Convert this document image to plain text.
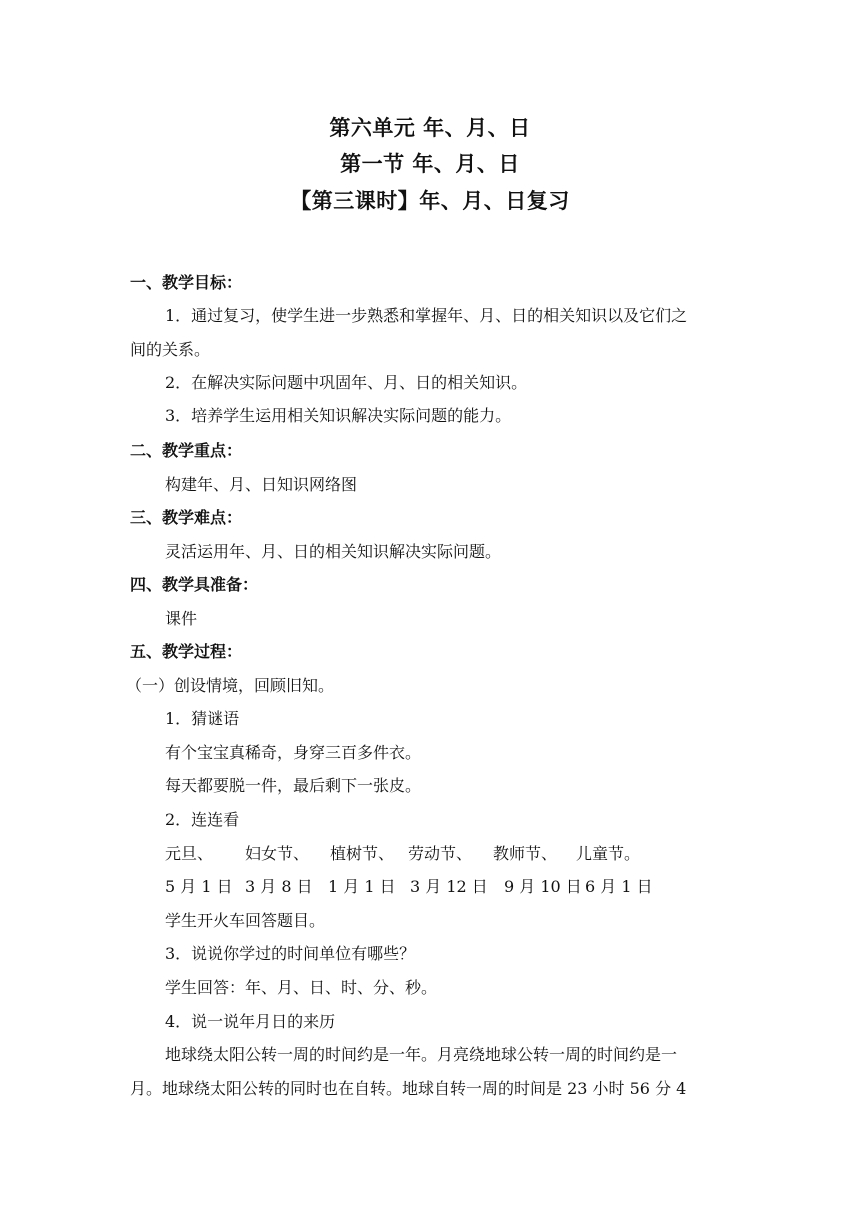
第六单元 年、月、日
第一节 年、月、日
【第三课时】年、月、日复习
一、教学目标：
1．通过复习，使学生进一步熟悉和掌握年、月、日的相关知识以及它们之
间的关系。
2．在解决实际问题中巩固年、月、日的相关知识。
3．培养学生运用相关知识解决实际问题的能力。
二、教学重点：
构建年、月、日知识网络图
三、教学难点：
灵活运用年、月、日的相关知识解决实际问题。
四、教学具准备：
课件
五、教学过程：
（一）创设情境，回顾旧知。
1．猜谜语
有个宝宝真稀奇，身穿三百多件衣。
每天都要脱一件，最后剩下一张皮。
2．连连看
元旦、 妇女节、 植树节、 劳动节、 教师节、 儿童节。
5 月 1 日 3 月 8 日 1 月 1 日 3 月 12 日 9 月 10 日 6 月 1 日
学生开火车回答题目。
3．说说你学过的时间单位有哪些？
学生回答：年、月、日、时、分、秒。
4．说一说年月日的来历
地球绕太阳公转一周的时间约是一年。月亮绕地球公转一周的时间约是一
月。地球绕太阳公转的同时也在自转。地球自转一周的时间是 23 小时 56 分 4
